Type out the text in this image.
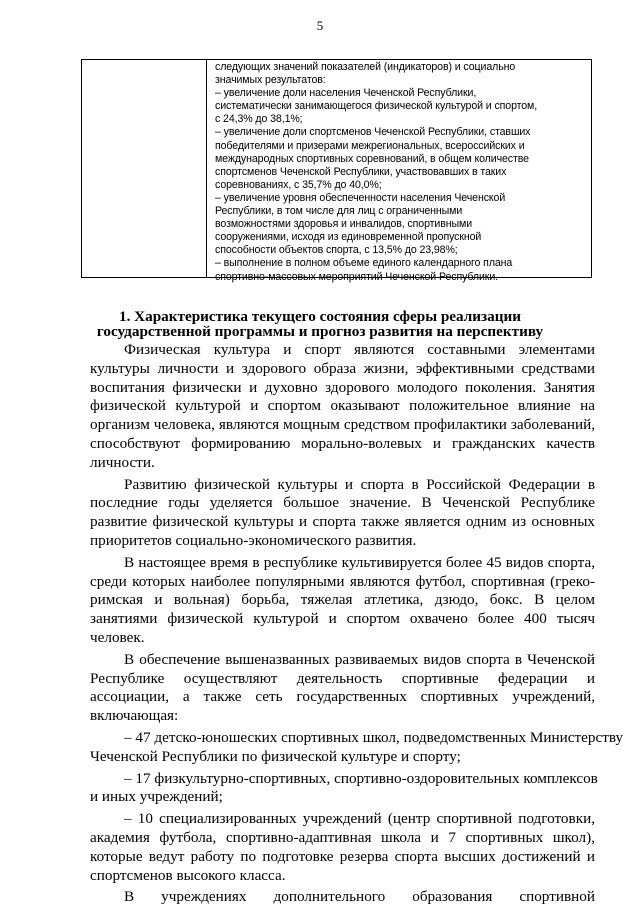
5
следующих значений показателей (индикаторов) и социально
значимых результатов:
– увеличение доли населения Чеченской Республики,
систематически занимающегося физической культурой и спортом,
с 24,3% до 38,1%;
– увеличение доли спортсменов Чеченской Республики, ставших
победителями и призерами межрегиональных, всероссийских и
международных спортивных соревнований, в общем количестве
спортсменов Чеченской Республики, участвовавших в таких
соревнованиях, с 35,7% до 40,0%;
– увеличение уровня обеспеченности населения Чеченской
Республики, в том числе для лиц с ограниченными
возможностями здоровья и инвалидов, спортивными
сооружениями, исходя из единовременной пропускной
способности объектов спорта, с 13,5% до 23,98%;
– выполнение в полном объеме единого календарного плана
спортивно-массовых мероприятий Чеченской Республики.
1. Характеристика текущего состояния сферы реализации
государственной программы и прогноз развития на перспективу
Физическая культура и спорт являются составными элементами
культуры личности и здорового образа жизни, эффективными средствами
воспитания физически и духовно здорового молодого поколения. Занятия
физической культурой и спортом оказывают положительное влияние на
организм человека, являются мощным средством профилактики заболеваний,
способствуют формированию морально-волевых и гражданских качеств
личности.
Развитию физической культуры и спорта в Российской Федерации в
последние годы уделяется большое значение. В Чеченской Республике
развитие физической культуры и спорта также является одним из основных
приоритетов социально-экономического развития.
В настоящее время в республике культивируется более 45 видов спорта,
среди которых наиболее популярными являются футбол, спортивная (греко-
римская и вольная) борьба, тяжелая атлетика, дзюдо, бокс. В целом
занятиями физической культурой и спортом охвачено более 400 тысяч
человек.
В обеспечение вышеназванных развиваемых видов спорта в Чеченской
Республике осуществляют деятельность спортивные федерации и
ассоциации, а также сеть государственных спортивных учреждений,
включающая:
– 47 детско-юношеских спортивных школ, подведомственных Министерству
Чеченской Республики по физической культуре и спорту;
– 17 физкультурно-спортивных, спортивно-оздоровительных комплексов
и иных учреждений;
– 10 специализированных учреждений (центр спортивной подготовки,
академия футбола, спортивно-адаптивная школа и 7 спортивных школ),
которые ведут работу по подготовке резерва спорта высших достижений и
спортсменов высокого класса.
В учреждениях дополнительного образования спортивной
